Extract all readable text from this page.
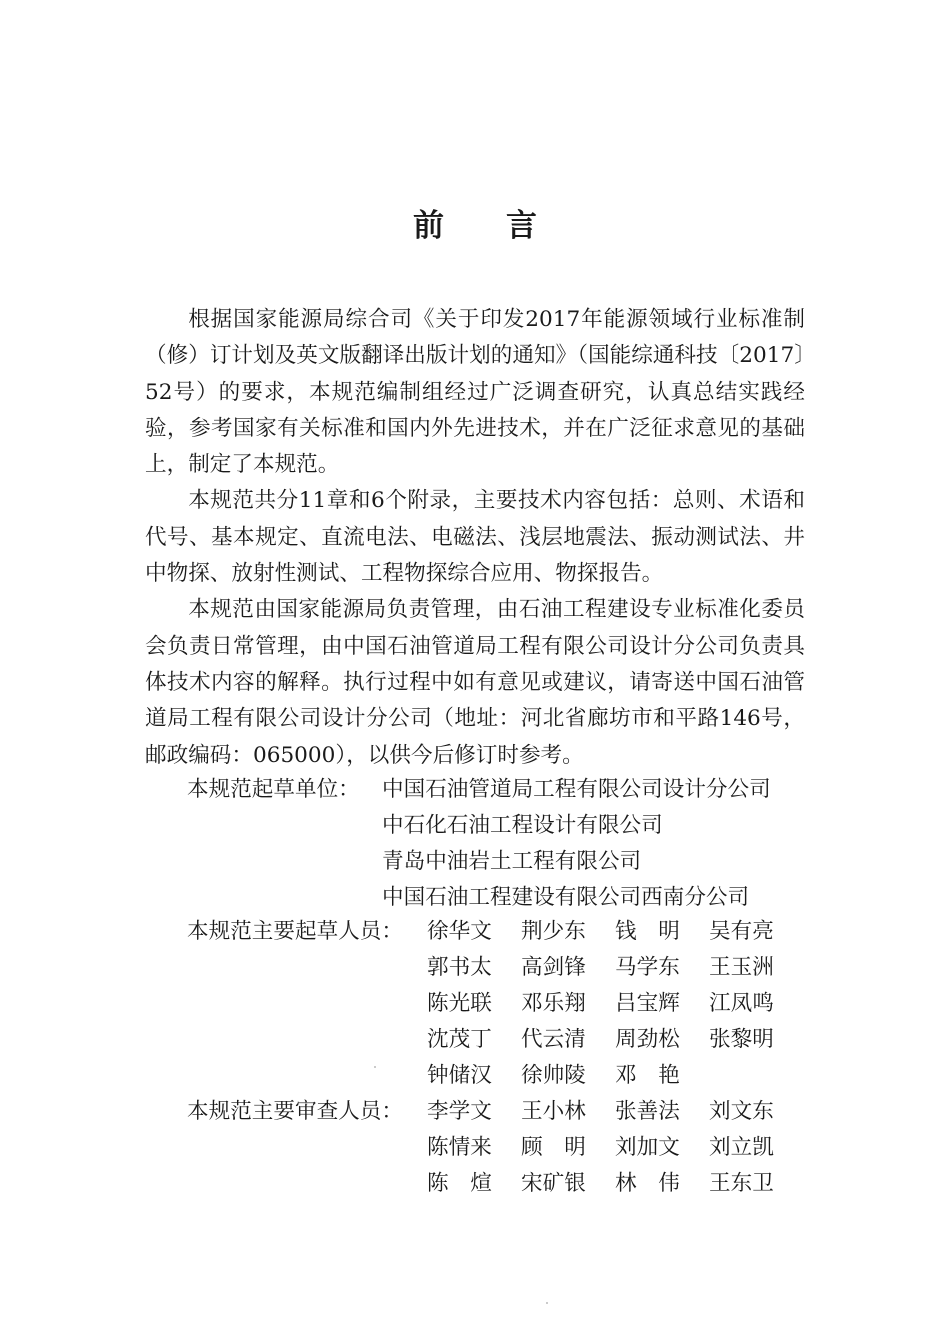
前言

根据国家能源局综合司《关于印发2017年能源领域行业标准制（修）订计划及英文版翻译出版计划的通知》（国能综通科技〔2017〕52号）的要求，本规范编制组经过广泛调查研究，认真总结实践经验，参考国家有关标准和国内外先进技术，并在广泛征求意见的基础上，制定了本规范。

本规范共分11章和6个附录，主要技术内容包括：总则、术语和代号、基本规定、直流电法、电磁法、浅层地震法、振动测试法、井中物探、放射性测试、工程物探综合应用、物探报告。

本规范由国家能源局负责管理，由石油工程建设专业标准化委员会负责日常管理，由中国石油管道局工程有限公司设计分公司负责具体技术内容的解释。执行过程中如有意见或建议，请寄送中国石油管道局工程有限公司设计分公司（地址：河北省廊坊市和平路146号，邮政编码：065000），以供今后修订时参考。

本规范起草单位： 中国石油管道局工程有限公司设计分公司
中石化石油工程设计有限公司
青岛中油岩土工程有限公司
中国石油工程建设有限公司西南分公司
本规范主要起草人员： 徐华文 荆少东 钱　明 吴有亮
郭书太 高剑锋 马学东 王玉洲
陈光联 邓乐翔 吕宝辉 江凤鸣
沈茂丁 代云清 周劲松 张黎明
钟储汉 徐帅陵 邓　艳
本规范主要审查人员： 李学文 王小林 张善法 刘文东
陈情来 顾　明 刘加文 刘立凯
陈　煊 宋矿银 林　伟 王东卫
